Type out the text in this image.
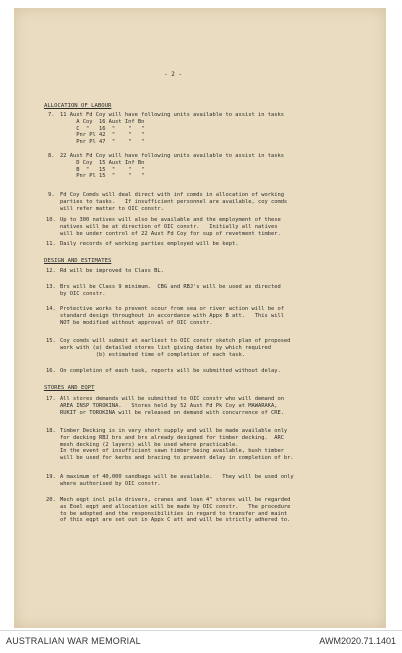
- 2 -
ALLOCATION OF LABOUR
7. 11 Aust Fd Coy will have following units available to assist in tasks
A Coy  16 Aust Inf Bn
C  "   16  "    "   "
Pnr Pl 42  "    "   "
Pnr Pl 47  "    "   "
8. 22 Aust Fd Coy will have following units available to assist in tasks
D Coy  15 Aust Inf Bn
B  "   15  "    "   "
Pnr Pl 15  "    "   "
9. Fd Coy Comds will deal direct with inf comds in allocation of working
parties to tasks.   If insufficient personnel are available, coy comds
will refer matter to OIC constr.
10. Up to 300 natives will also be available and the employment of these
natives will be at direction of OIC constr.   Initially all natives
will be under control of 22 Aust Fd Coy for sup of revetment timber.
11. Daily records of working parties employed will be kept.
DESIGN AND ESTIMATES
12. Rd will be improved to Class BL.
13. Brs will be Class 9 minimum.  CBG and RBJ's will be used as directed
by OIC constr.
14. Protective works to prevent scour from sea or river action will be of
standard design throughout in accordance with Appx B att.   This will
NOT be modified without approval of OIC constr.
15. Coy comds will submit at earliest to OIC constr sketch plan of proposed
work with (a) detailed stores list giving dates by which required
(b) estimated time of completion of each task.
16. On completion of each task, reports will be submitted without delay.
STORES AND EQPT
17. All stores demands will be submitted to OIC constr who will demand on
AREA INSP TOROKINA.   Stores held by 52 Aust Fd Pk Coy at MAWARAKA,
RUKIT or TOROKINA will be released on demand with concurrence of CRE.
18. Timber Decking is in very short supply and will be made available only
for decking RBJ brs and brs already designed for timber decking.  ARC
mesh decking (2 layers) will be used where practicable.
In the event of insufficient sawn timber being available, bush timber
will be used for kerbs and bracing to prevent delay in completion of br.
19. A maximum of 40,000 sandbags will be available.   They will be used only
where authorised by OIC constr.
20. Mech eqpt incl pile drivers, cranes and loan 4" stores will be regarded
as Eoel eqpt and allocation will be made by OIC constr.   The procedure
to be adopted and the responsibilities in regard to transfer and maint
of this eqpt are set out in Appx C att and will be strictly adhered to.
AUSTRALIAN WAR MEMORIAL	AWM2020.71.1401
